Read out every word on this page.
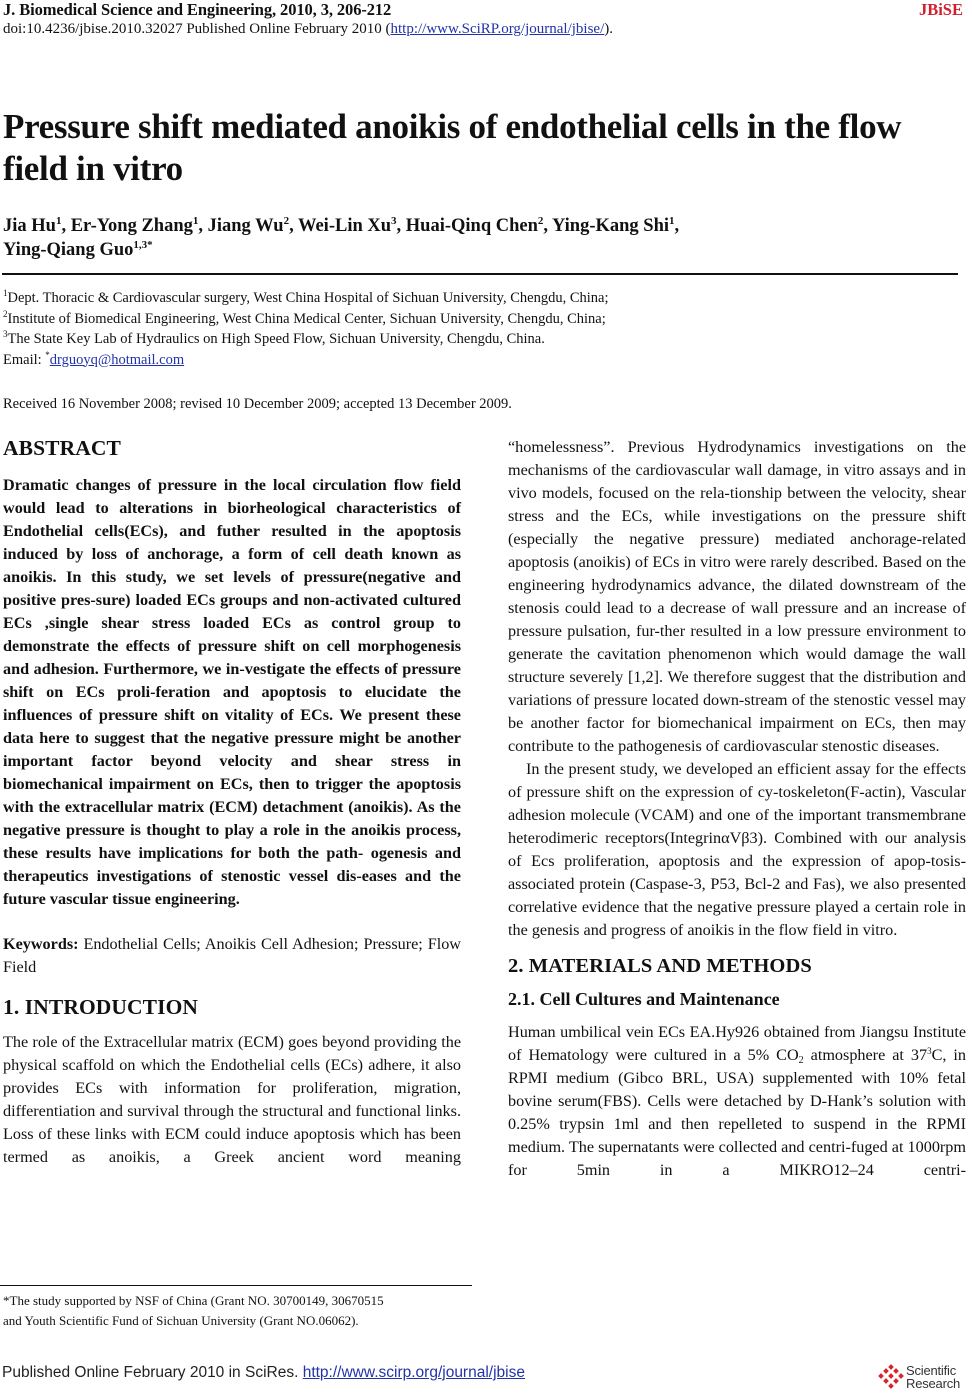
J. Biomedical Science and Engineering, 2010, 3, 206-212	JBiSE
doi:10.4236/jbise.2010.32027 Published Online February 2010 (http://www.SciRP.org/journal/jbise/).
Pressure shift mediated anoikis of endothelial cells in the flow
field in vitro
Jia Hu$^1$, Er-Yong Zhang$^1$, Jiang Wu$^2$, Wei-Lin Xu$^3$, Huai-Qinq Chen$^2$, Ying-Kang Shi$^1$,
Ying-Qiang Guo$^{1,3*}$
$^1$Dept. Thoracic & Cardiovascular surgery, West China Hospital of Sichuan University, Chengdu, China;
$^2$Institute of Biomedical Engineering, West China Medical Center, Sichuan University, Chengdu, China;
$^3$The State Key Lab of Hydraulics on High Speed Flow, Sichuan University, Chengdu, China.
Email: *drguoyq@hotmail.com
Received 16 November 2008; revised 10 December 2009; accepted 13 December 2009.
ABSTRACT
Dramatic changes of pressure in the local circulation flow field would lead to alterations in biorheological characteristics of Endothelial cells(ECs), and futher resulted in the apoptosis induced by loss of anchorage, a form of cell death known as anoikis. In this study, we set levels of pressure(negative and positive pres-sure) loaded ECs groups and non-activated cultured ECs ,single shear stress loaded ECs as control group to demonstrate the effects of pressure shift on cell morphogenesis and adhesion. Furthermore, we in-vestigate the effects of pressure shift on ECs proli-feration and apoptosis to elucidate the influences of pressure shift on vitality of ECs. We present these data here to suggest that the negative pressure might be another important factor beyond velocity and shear stress in biomechanical impairment on ECs, then to trigger the apoptosis with the extracellular matrix (ECM) detachment (anoikis). As the negative pressure is thought to play a role in the anoikis process, these results have implications for both the path- ogenesis and therapeutics investigations of stenostic vessel dis-eases and the future vascular tissue engineering.
Keywords: Endothelial Cells; Anoikis Cell Adhesion; Pressure; Flow Field
1. INTRODUCTION
The role of the Extracellular matrix (ECM) goes beyond providing the physical scaffold on which the Endothelial cells (ECs) adhere, it also provides ECs with information for proliferation, migration, differentiation and survival through the structural and functional links. Loss of these links with ECM could induce apoptosis which has been termed as anoikis, a Greek ancient word meaning
*The study supported by NSF of China (Grant NO. 30700149, 30670515
and Youth Scientific Fund of Sichuan University (Grant NO.06062).
“homelessness”. Previous Hydrodynamics investigations on the mechanisms of the cardiovascular wall damage, in vitro assays and in vivo models, focused on the rela-tionship between the velocity, shear stress and the ECs, while investigations on the pressure shift (especially the negative pressure) mediated anchorage-related apoptosis (anoikis) of ECs in vitro were rarely described. Based on the engineering hydrodynamics advance, the dilated downstream of the stenosis could lead to a decrease of wall pressure and an increase of pressure pulsation, fur-ther resulted in a low pressure environment to generate the cavitation phenomenon which would damage the wall structure severely [1,2]. We therefore suggest that the distribution and variations of pressure located down-stream of the stenostic vessel may be another factor for biomechanical impairment on ECs, then may contribute to the pathogenesis of cardiovascular stenostic diseases.
In the present study, we developed an efficient assay for the effects of pressure shift on the expression of cy-toskeleton(F-actin), Vascular adhesion molecule (VCAM) and one of the important transmembrane heterodimeric receptors(IntegrinαVβ3). Combined with our analysis of Ecs proliferation, apoptosis and the expression of apop-tosis-associated protein (Caspase-3, P53, Bcl-2 and Fas), we also presented correlative evidence that the negative pressure played a certain role in the genesis and progress of anoikis in the flow field in vitro.
2. MATERIALS AND METHODS
2.1. Cell Cultures and Maintenance
Human umbilical vein ECs EA.Hy926 obtained from Jiangsu Institute of Hematology were cultured in a 5% $CO_2$ atmosphere at $37^3C$, in RPMI medium (Gibco BRL, USA) supplemented with 10% fetal bovine serum(FBS). Cells were detached by D-Hank’s solution with 0.25% trypsin 1ml and then repelleted to suspend in the RPMI medium. The supernatants were collected and centri-fuged at 1000rpm for 5min in a MIKRO12–24 centri-
Published Online February 2010 in SciRes. http://www.scirp.org/journal/jbise	Scientific
Research
